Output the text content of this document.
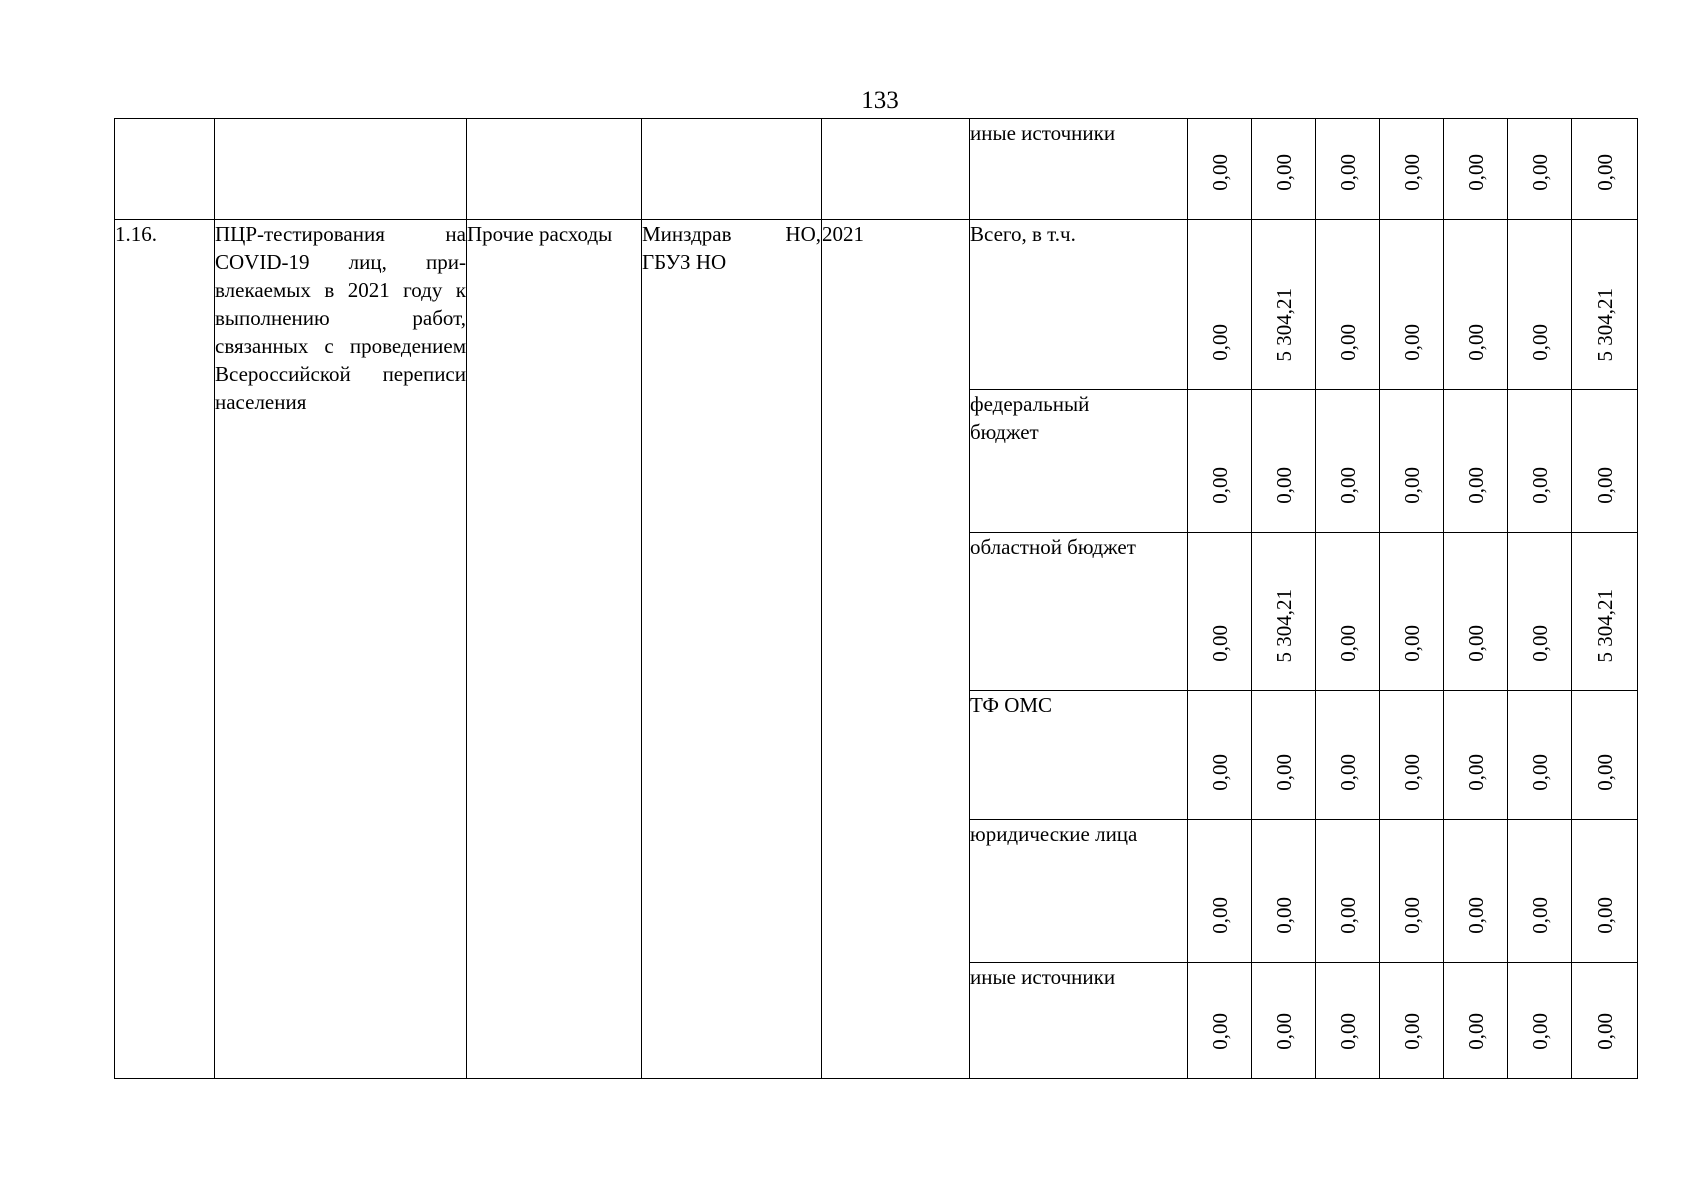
133
					иные источники	0,00	0,00	0,00	0,00	0,00	0,00	0,00

1.16.	ПЦР-тестирования на COVID-19 лиц, привлекаемых в 2021 году к выполнению работ, связанных с проведением Всероссийской переписи населения	Прочие расходы	Минздрав НО, ГБУЗ НО	2021	Всего, в т.ч.	0,00	5 304,21	0,00	0,00	0,00	0,00	5 304,21

					федеральный
бюджет	0,00	0,00	0,00	0,00	0,00	0,00	0,00

					областной бюджет	0,00	5 304,21	0,00	0,00	0,00	0,00	5 304,21

					ТФ ОМС	0,00	0,00	0,00	0,00	0,00	0,00	0,00

					юридические лица	0,00	0,00	0,00	0,00	0,00	0,00	0,00

					иные источники	0,00	0,00	0,00	0,00	0,00	0,00	0,00
